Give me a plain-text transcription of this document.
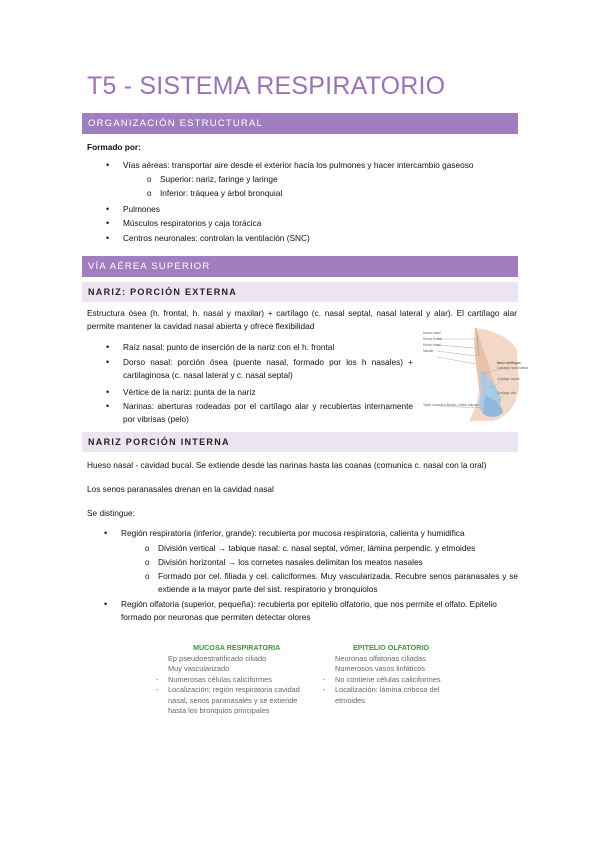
T5 - SISTEMA RESPIRATORIO
ORGANIZACIÓN ESTRUCTURAL
Formado por:
• Vías aéreas: transportar aire desde el exterior hacia los pulmones y hacer intercambio gaseoso
o Superior: nariz, faringe y laringe
o Inferior: tráquea y árbol bronquial
• Pulmones
• Músculos respiratorios y caja torácica
• Centros neuronales: controlan la ventilación (SNC)
VÍA AÉREA SUPERIOR
NARIZ: PORCIÓN EXTERNA
Estructura ósea (h. frontal, h. nasal y maxilar) + cartílago (c. nasal septal, nasal lateral y alar). El cartílago alar permite mantener la cavidad nasal abierta y ofrece flexibilidad
• Raíz nasal: punto de inserción de la nariz con el h. frontal
• Dorso nasal: porción ósea (puente nasal, formado por los h nasales) + cartilaginosa (c. nasal lateral y c. nasal septal)
• Vértice de la nariz: punta de la nariz
• Narinas: aberturas rodeadas por el cartílago alar y recubiertas internamente por vibrisas (pelo)
Hueso nasal
Hueso frontal
Hueso nasal
Maxilar
Nariz cartílagos
Cartílago nasal lateral
Cartílago septal
Cartílago alar
Tejido conectivo fibroso y tejido adiposo
NARIZ PORCIÓN INTERNA
Hueso nasal - cavidad bucal. Se extiende desde las narinas hasta las coanas (comunica c. nasal con la oral)
Los senos paranasales drenan en la cavidad nasal
Se distingue:
• Región respiratoria (inferior, grande): recubierta por mucosa respiratoria, calienta y humidifica
o División vertical → tabique nasal: c. nasal septal, vómer, lámina perpendic. y etmoides
o División horizontal → los cornetes nasales delimitan los meatos nasales
o Formado por cel. filiada y cel. caliciformes. Muy vascularizada. Recubre senos paranasales y se extiende a la mayor parte del sist. respiratorio y bronquiolos
• Región olfatoria (superior, pequeña): recubierta por epitelio olfatorio, que nos permite el olfato. Epitelio formado por neuronas que permiten detectar olores
MUCOSA RESPIRATORIA
Ep pseudoestratificado ciliado
Muy vascularizado
- Numerosas células caliciformes
- Localización: región respiratoria cavidad nasal, senos paranasales y se extiende hasta los bronquios principales
EPITELIO OLFATORIO
Neuronas olfatorias ciliadas
Numerosos vasos linfáticos
- No contiene células caliciformes
- Localización: lámina cribosa del etmoides
